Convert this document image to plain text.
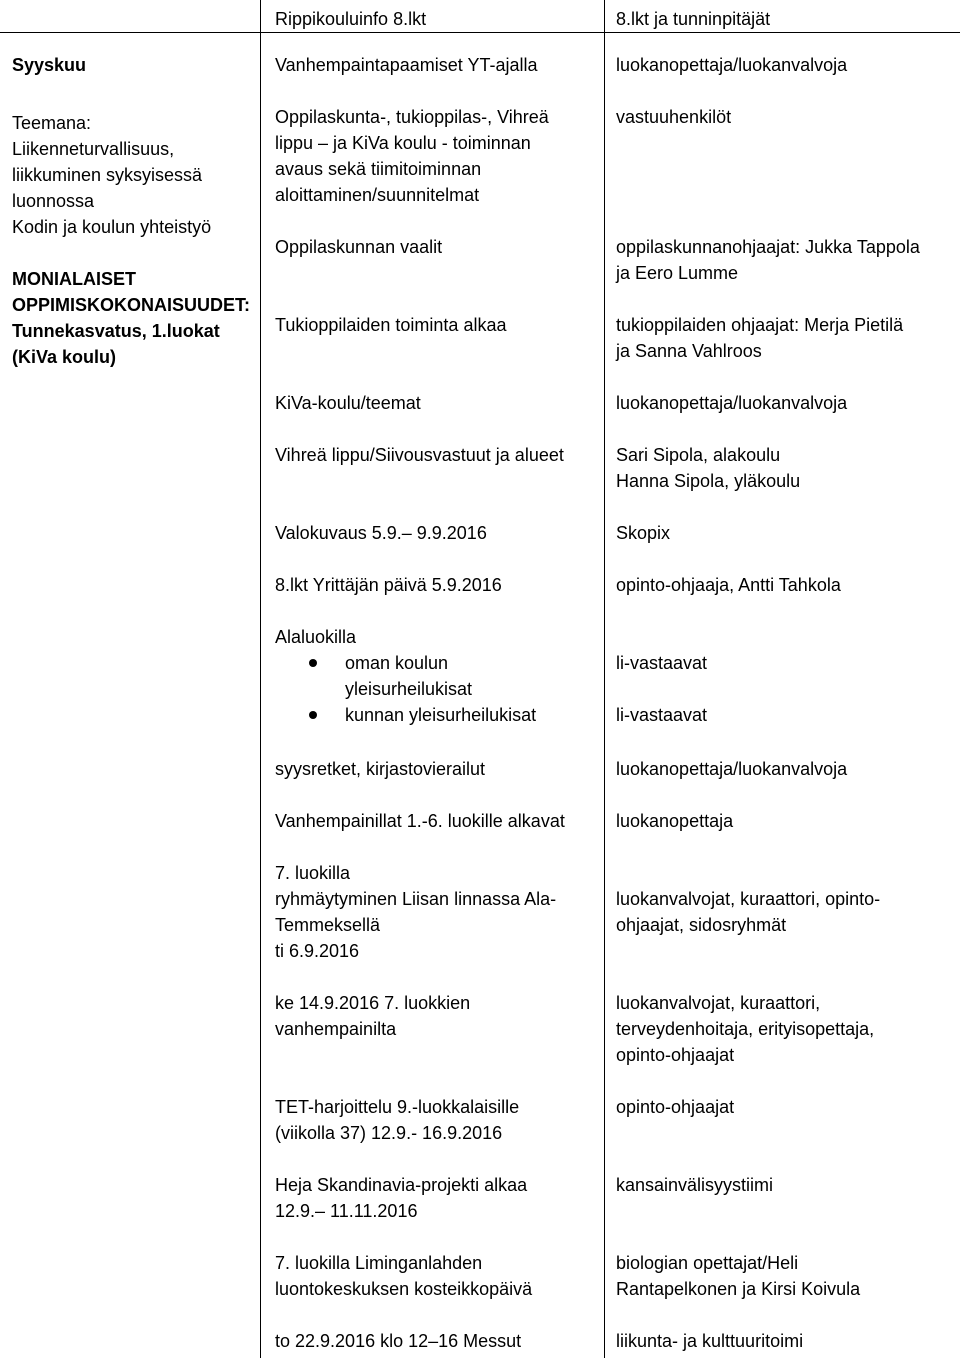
Rippikouluinfo 8.lkt	8.lkt ja tunninpitäjät
Syyskuu
Teemana:
Liikenneturvallisuus,
liikkuminen syksyisessä
luonnossa
Kodin ja koulun yhteistyö
MONIALAISET
OPPIMISKOKONAISUUDET:
Tunnekasvatus, 1.luokat
(KiVa koulu)
Vanhempaintapaamiset YT-ajalla
Oppilaskunta-, tukioppilas-, Vihreä
lippu – ja KiVa koulu - toiminnan
avaus sekä tiimitoiminnan
aloittaminen/suunnitelmat
Oppilaskunnan vaalit
Tukioppilaiden toiminta alkaa
KiVa-koulu/teemat
Vihreä lippu/Siivousvastuut ja alueet
Valokuvaus 5.9.– 9.9.2016
8.lkt Yrittäjän päivä 5.9.2016
Alaluokilla
oman koulun
yleisurheilukisat
kunnan yleisurheilukisat
syysretket, kirjastovierailut
Vanhempainillat 1.-6. luokille alkavat
7. luokilla
ryhmäytyminen Liisan linnassa Ala-
Temmeksellä
ti 6.9.2016
ke 14.9.2016 7. luokkien
vanhempainilta
TET-harjoittelu 9.-luokkalaisille
(viikolla 37) 12.9.- 16.9.2016
Heja Skandinavia-projekti alkaa
12.9.– 11.11.2016
7. luokilla Liminganlahden
luontokeskuksen kosteikkopäivä
to 22.9.2016 klo 12–16 Messut
luokanopettaja/luokanvalvoja
vastuuhenkilöt
oppilaskunnanohjaajat: Jukka Tappola
ja Eero Lumme
tukioppilaiden ohjaajat: Merja Pietilä
ja Sanna Vahlroos
luokanopettaja/luokanvalvoja
Sari Sipola, alakoulu
Hanna Sipola, yläkoulu
Skopix
opinto-ohjaaja, Antti Tahkola
li-vastaavat
li-vastaavat
luokanopettaja/luokanvalvoja
luokanopettaja
luokanvalvojat, kuraattori, opinto-
ohjaajat, sidosryhmät
luokanvalvojat, kuraattori,
terveydenhoitaja, erityisopettaja,
opinto-ohjaajat
opinto-ohjaajat
kansainvälisyystiimi
biologian opettajat/Heli
Rantapelkonen ja Kirsi Koivula
liikunta- ja kulttuuritoimi
